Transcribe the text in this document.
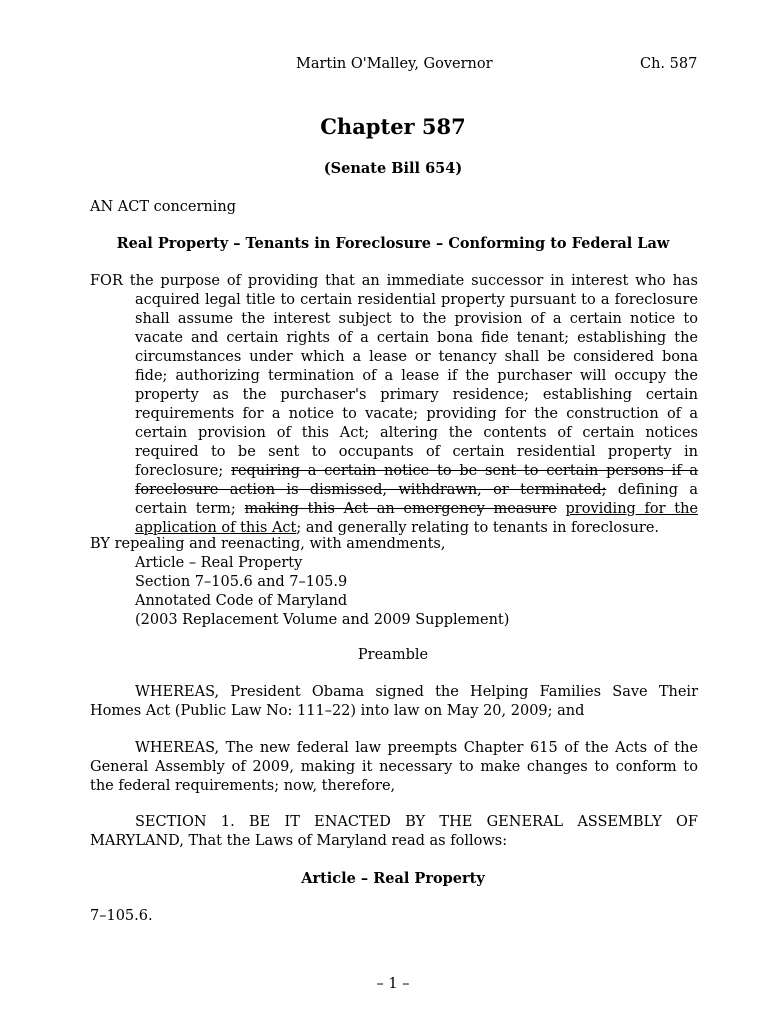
Martin O'Malley, Governor	Ch. 587
Chapter 587
(Senate Bill 654)
AN ACT concerning
Real Property – Tenants in Foreclosure – Conforming to Federal Law
FOR the purpose of providing that an immediate successor in interest who has acquired legal title to certain residential property pursuant to a foreclosure shall assume the interest subject to the provision of a certain notice to vacate and certain rights of a certain bona fide tenant; establishing the circumstances under which a lease or tenancy shall be considered bona fide; authorizing termination of a lease if the purchaser will occupy the property as the purchaser's primary residence; establishing certain requirements for a notice to vacate; providing for the construction of a certain provision of this Act; altering the contents of certain notices required to be sent to occupants of certain residential property in foreclosure; requiring a certain notice to be sent to certain persons if a foreclosure action is dismissed, withdrawn, or terminated; defining a certain term; making this Act an emergency measure providing for the application of this Act; and generally relating to tenants in foreclosure.
BY repealing and reenacting, with amendments,
Article – Real Property
Section 7–105.6 and 7–105.9
Annotated Code of Maryland
(2003 Replacement Volume and 2009 Supplement)
Preamble
WHEREAS, President Obama signed the Helping Families Save Their Homes Act (Public Law No: 111–22) into law on May 20, 2009; and
WHEREAS, The new federal law preempts Chapter 615 of the Acts of the General Assembly of 2009, making it necessary to make changes to conform to the federal requirements; now, therefore,
SECTION 1. BE IT ENACTED BY THE GENERAL ASSEMBLY OF MARYLAND, That the Laws of Maryland read as follows:
Article – Real Property
7–105.6.
– 1 –
